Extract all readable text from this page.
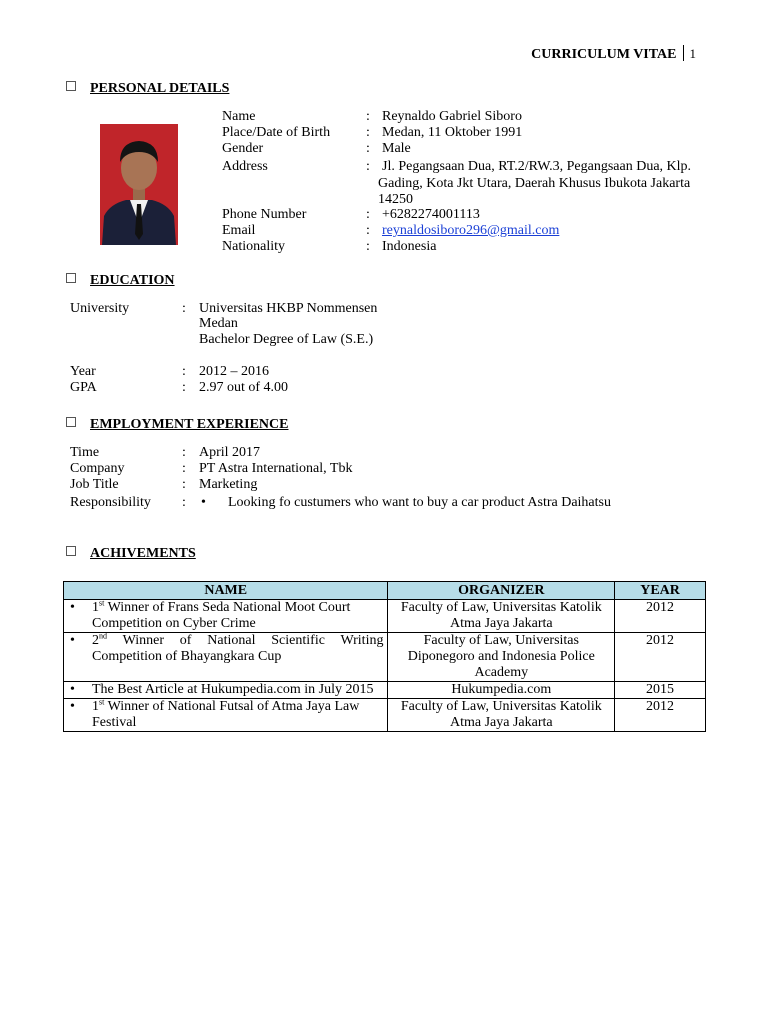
CURRICULUM VITAE 1
PERSONAL DETAILS
Name	: Reynaldo Gabriel Siboro
Place/Date of Birth	: Medan, 11 Oktober 1991
Gender	: Male
Address	: Jl. Pegangsaan Dua, RT.2/RW.3, Pegangsaan Dua, Klp.
Gading, Kota Jkt Utara, Daerah Khusus Ibukota Jakarta
14250
Phone Number	: +6282274001113
Email	: reynaldosiboro296@gmail.com
Nationality	: Indonesia
EDUCATION
University	: Universitas HKBP Nommensen
Medan
Bachelor Degree of Law (S.E.)
Year	: 2012 – 2016
GPA	: 2.97 out of 4.00
EMPLOYMENT EXPERIENCE
Time	: April 2017
Company	: PT Astra International, Tbk
Job Title	: Marketing
Responsibility : • Looking fo custumers who want to buy a car product Astra Daihatsu
ACHIVEMENTS
NAME	ORGANIZER	YEAR

• 1st Winner of Frans Seda National Moot Court Competition on Cyber Crime	Faculty of Law, Universitas Katolik Atma Jaya Jakarta	2012

• 2nd Winner of National Scientific Writing Competition of Bhayangkara Cup	Faculty of Law, Universitas Diponegoro and Indonesia Police Academy	2012

• The Best Article at Hukumpedia.com in July 2015	Hukumpedia.com	2015

• 1st Winner of National Futsal of Atma Jaya Law Festival	Faculty of Law, Universitas Katolik Atma Jaya Jakarta	2012
